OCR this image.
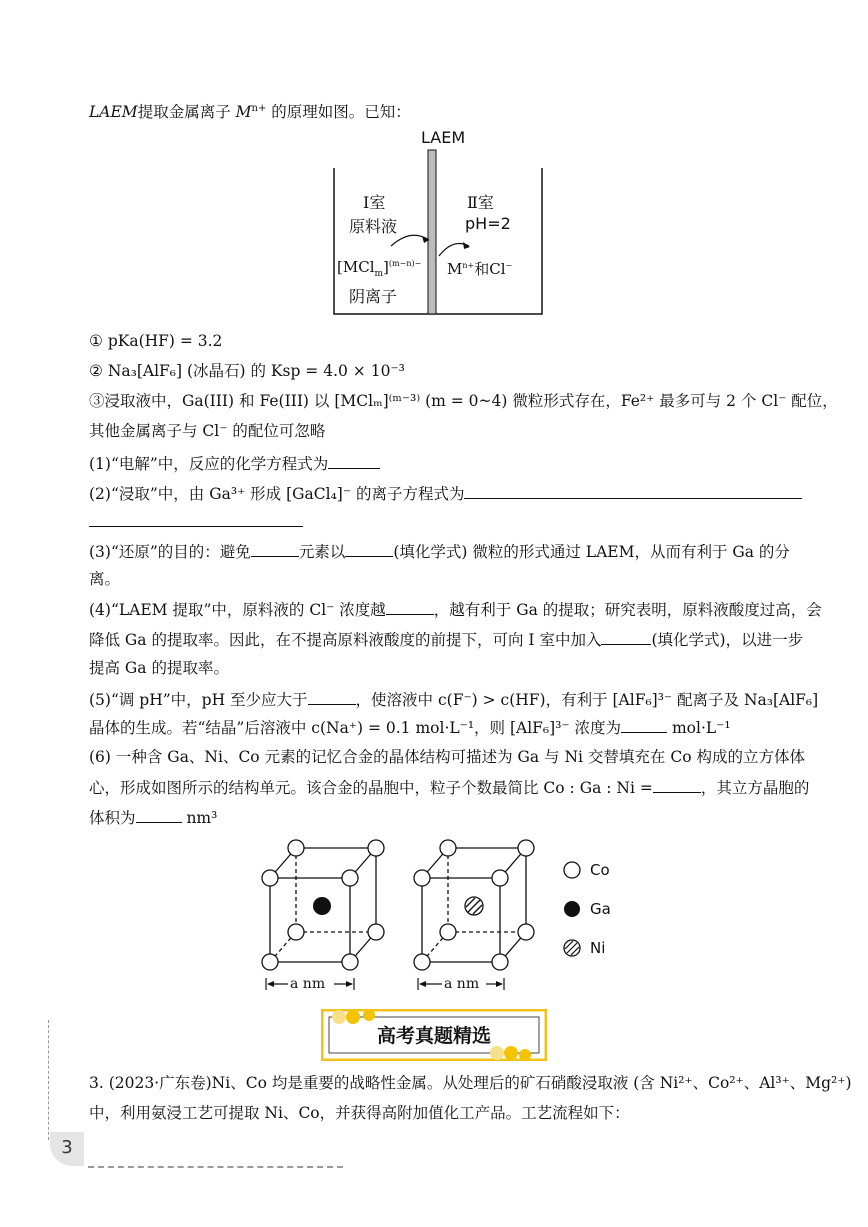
LAEM提取金属离子 $M^{n+}$ 的原理如图。已知：
LAEM
Ⅰ室
原料液
$[MCl_m]^{(m-n)-}$
阴离子
Ⅱ室
pH=2
$M^{n+}$和Cl−
① pKa(HF) = 3.2
② Na₃[AlF₆] (冰晶石) 的 Ksp = 4.0 × 10⁻³
③浸取液中，Ga(III) 和 Fe(III) 以 [MClₘ]⁽ᵐ⁻³⁾ (m = 0~4) 微粒形式存在，Fe²⁺ 最多可与 2 个 Cl⁻ 配位，
其他金属离子与 Cl⁻ 的配位可忽略
(1)“电解”中，反应的化学方程式为
(2)“浸取”中，由 Ga³⁺ 形成 [GaCl₄]⁻ 的离子方程式为
(3)“还原”的目的：避免	元素以	(填化学式) 微粒的形式通过 LAEM，从而有利于 Ga 的分
离。
(4)“LAEM 提取”中，原料液的 Cl⁻ 浓度越	，越有利于 Ga 的提取；研究表明，原料液酸度过高，会
降低 Ga 的提取率。因此，在不提高原料液酸度的前提下，可向 I 室中加入	(填化学式)，以进一步
提高 Ga 的提取率。
(5)“调 pH”中，pH 至少应大于	，使溶液中 c(F⁻) > c(HF)，有利于 [AlF₆]³⁻ 配离子及 Na₃[AlF₆]
晶体的生成。若“结晶”后溶液中 c(Na⁺) = 0.1 mol·L⁻¹，则 [AlF₆]³⁻ 浓度为	mol·L⁻¹
(6) 一种含 Ga、Ni、Co 元素的记忆合金的晶体结构可描述为 Ga 与 Ni 交替填充在 Co 构成的立方体体
心，形成如图所示的结构单元。该合金的晶胞中，粒子个数最简比 Co : Ga : Ni =	，其立方晶胞的
体积为	nm³
a nm	a nm
Co
Ga
Ni
高考真题精选
3. (2023·广东卷)Ni、Co 均是重要的战略性金属。从处理后的矿石硝酸浸取液 (含 Ni²⁺、Co²⁺、Al³⁺、Mg²⁺)
中，利用氨浸工艺可提取 Ni、Co，并获得高附加值化工产品。工艺流程如下：
3
